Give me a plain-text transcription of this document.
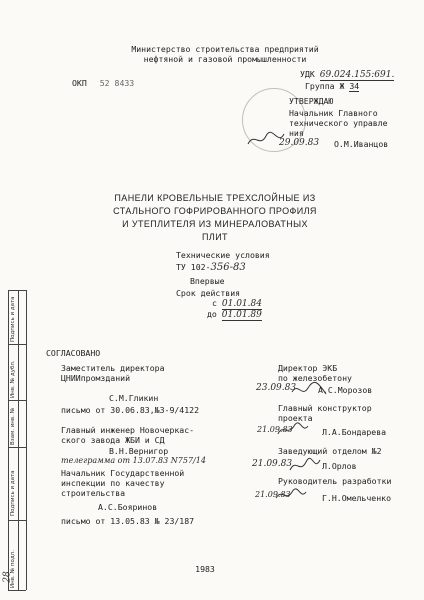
Подпись и дата
Инв. № дубл.
Взам. инв. №
Подпись и дата
Инв. № подл.
28
Министерство строительства предприятий
нефтяной и газовой промышленности
ОКП 52 8433
УДК 69.024.155:691.
Группа Ж 34
УТВЕРЖДАЮ
Начальник Главного
технического управле
ния
29.09.83 О.М.Иванцов
ПАНЕЛИ КРОВЕЛЬНЫЕ ТРЕХСЛОЙНЫЕ ИЗ
СТАЛЬНОГО ГОФРИРОВАННОГО ПРОФИЛЯ
И УТЕПЛИТЕЛЯ ИЗ МИНЕРАЛОВАТНЫХ
ПЛИТ
Технические условия
ТУ 102-356-83
Впервые
Срок действия
с 01.01.84
до 01.01.89
СОГЛАСОВАНО
Заместитель директора
ЦНИИпромзданий
С.М.Гликин
письмо от 30.06.83,№3-9/4122
Главный инженер Новочеркас-
ского завода ЖБИ и СД
В.Н.Вернигор
телеграмма от 13.07.83 N757/14
Начальник Государственной
инспекции по качеству
строительства
А.С.Бояринов
письмо от 13.05.83 № 23/187
Директор ЭКБ
по железобетону
23.09.83	А.С.Морозов
Главный конструктор
проекта
21.09.83	Л.А.Бондарева
Заведующий отделом №2
21.09.83	Л.Орлов
Руководитель разработки
21.09.83	Г.Н.Омельченко
1983
